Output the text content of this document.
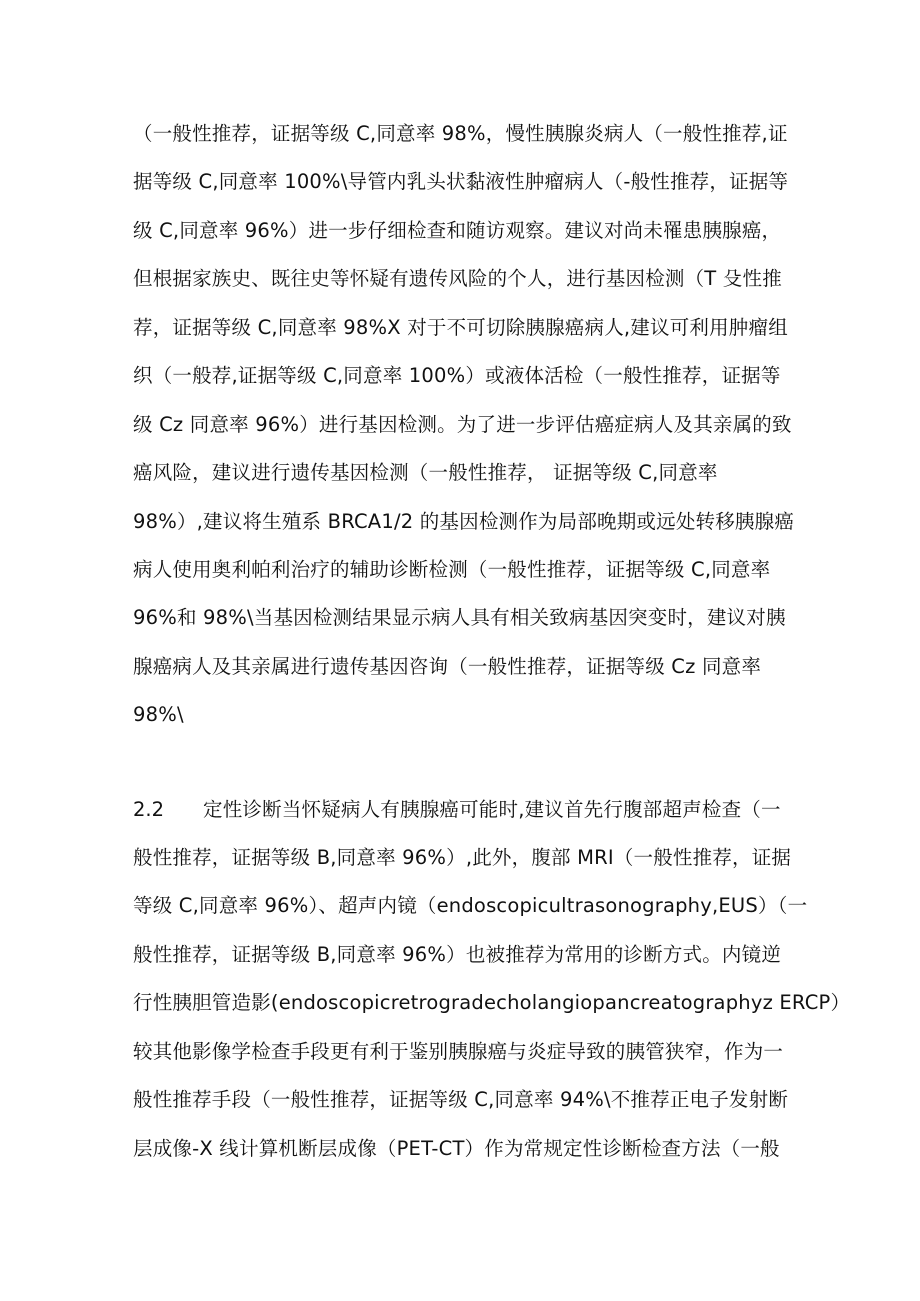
（一般性推荐，证据等级 C,同意率 98%，慢性胰腺炎病人（一般性推荐,证
据等级 C,同意率 100%\导管内乳头状黏液性肿瘤病人（-般性推荐，证据等
级 C,同意率 96%）进一步仔细检查和随访观察。建议对尚未罹患胰腺癌，
但根据家族史、既往史等怀疑有遗传风险的个人，进行基因检测（T 殳性推
荐，证据等级 C,同意率 98%X 对于不可切除胰腺癌病人,建议可利用肿瘤组
织（一般荐,证据等级 C,同意率 100%）或液体活检（一般性推荐，证据等
级 Cz 同意率 96%）进行基因检测。为了进一步评估癌症病人及其亲属的致
癌风险，建议进行遗传基因检测（一般性推荐， 证据等级 C,同意率
98%）,建议将生殖系 BRCA1/2 的基因检测作为局部晚期或远处转移胰腺癌
病人使用奥利帕利治疗的辅助诊断检测（一般性推荐，证据等级 C,同意率
96%和 98%\当基因检测结果显示病人具有相关致病基因突变时，建议对胰
腺癌病人及其亲属进行遗传基因咨询（一般性推荐，证据等级 Cz 同意率
98%\
2.2 定性诊断当怀疑病人有胰腺癌可能时,建议首先行腹部超声检查（一
般性推荐，证据等级 B,同意率 96%）,此外，腹部 MRI（一般性推荐，证据
等级 C,同意率 96%）、超声内镜（endoscopicultrasonography,EUS）（一
般性推荐，证据等级 B,同意率 96%）也被推荐为常用的诊断方式。内镜逆
行性胰胆管造影(endoscopicretrogradecholangiopancreatographyz ERCP）
较其他影像学检查手段更有利于鉴别胰腺癌与炎症导致的胰管狭窄，作为一
般性推荐手段（一般性推荐，证据等级 C,同意率 94%\不推荐正电子发射断
层成像-X 线计算机断层成像（PET-CT）作为常规定性诊断检查方法（一般
